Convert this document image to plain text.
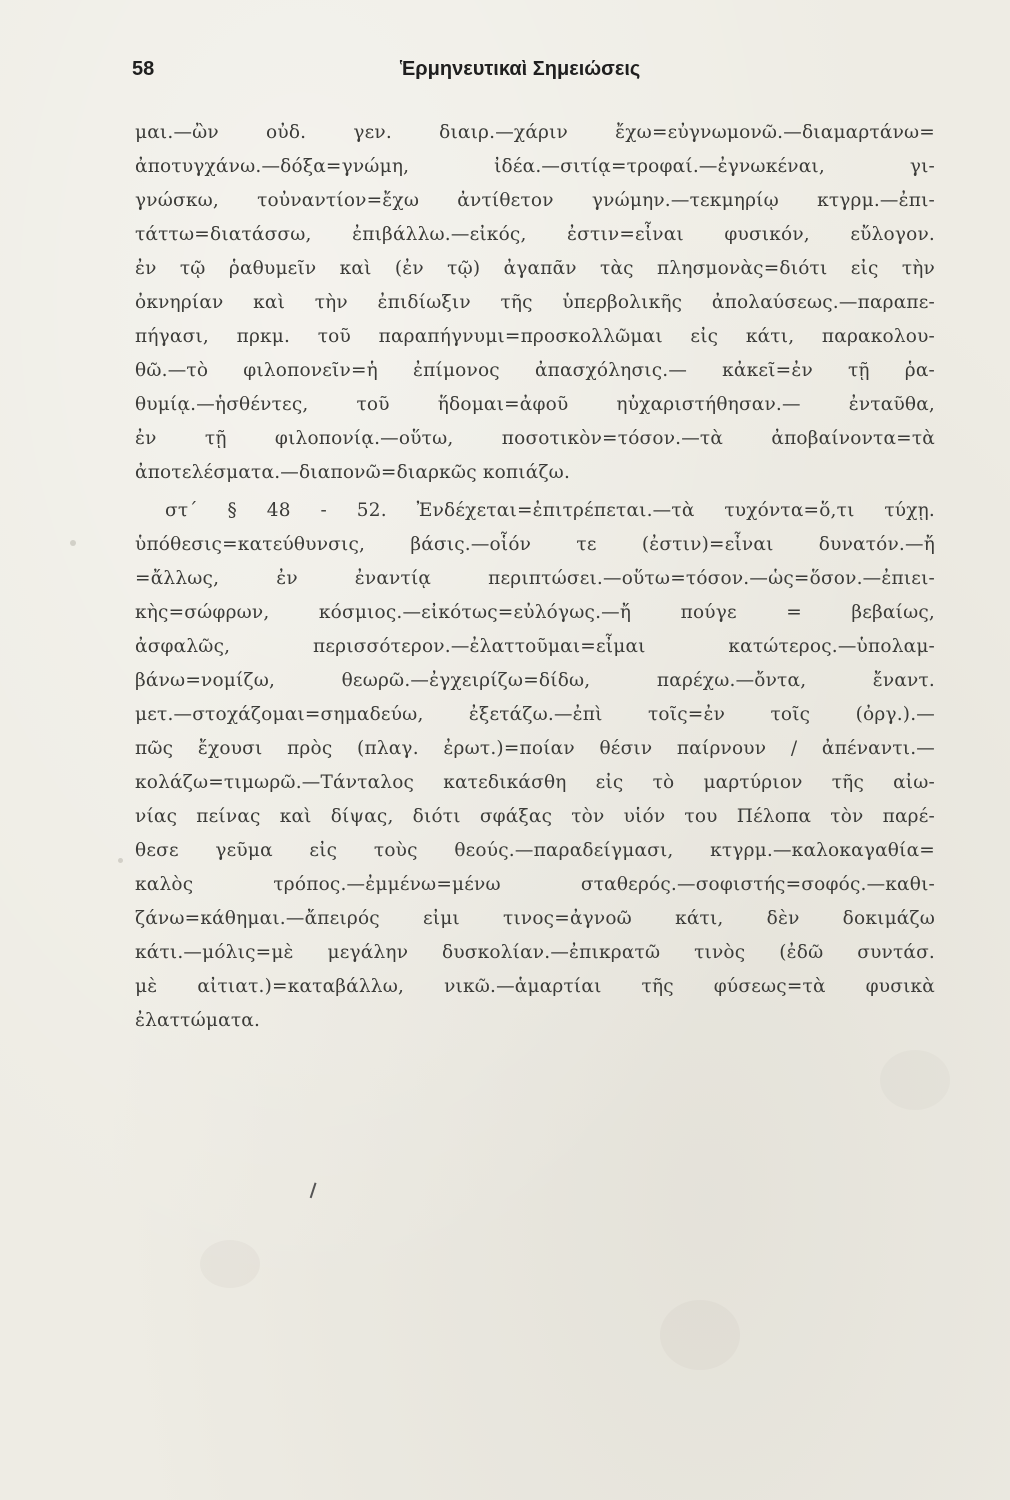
58	Ἑρμηνευτικαὶ Σημειώσεις
μαι.—ὢν οὐδ. γεν. διαιρ.—χάριν ἔχω=εὐγνωμονῶ.—διαμαρτάνω=
ἀποτυγχάνω.—δόξα=γνώμη, ἰδέα.—σιτίᾳ=τροφαί.—ἐγνωκέναι, γι-
γνώσκω, τοὐναντίον=ἔχω ἀντίθετον γνώμην.—τεκμηρίῳ κτγρμ.—ἐπι-
τάττω=διατάσσω, ἐπιβάλλω.—εἰκός, ἐστιν=εἶναι φυσικόν, εὔλογον.
ἐν τῷ ῥαθυμεῖν καὶ (ἐν τῷ) ἀγαπᾶν τὰς πλησμονὰς=διότι εἰς τὴν
ὀκνηρίαν καὶ τὴν ἐπιδίωξιν τῆς ὑπερβολικῆς ἀπολαύσεως.—παραπε-
πήγασι, πρκμ. τοῦ παραπήγνυμι=προσκολλῶμαι εἰς κάτι, παρακολου-
θῶ.—τὸ φιλοπονεῖν=ἡ ἐπίμονος ἀπασχόλησις.— κἀκεῖ=ἐν τῇ ῥα-
θυμίᾳ.—ἡσθέντες, τοῦ ἥδομαι=ἀφοῦ ηὐχαριστήθησαν.— ἐνταῦθα,
ἐν τῇ φιλοπονίᾳ.—οὕτω, ποσοτικὸν=τόσον.—τὰ ἀποβαίνοντα=τὰ
ἀποτελέσματα.—διαπονῶ=διαρκῶς κοπιάζω.
στ´ § 48 - 52. Ἐνδέχεται=ἐπιτρέπεται.—τὰ τυχόντα=ὅ,τι τύχῃ.
ὑπόθεσις=κατεύθυνσις, βάσις.—οἷόν τε (ἐστιν)=εἶναι δυνατόν.—ἤ
=ἄλλως, ἐν ἐναντίᾳ περιπτώσει.—οὕτω=τόσον.—ὡς=ὅσον.—ἐπιει-
κὴς=σώφρων, κόσμιος.—εἰκότως=εὐλόγως.—ἤ πούγε = βεβαίως,
ἀσφαλῶς, περισσότερον.—ἐλαττοῦμαι=εἶμαι κατώτερος.—ὑπολαμ-
βάνω=νομίζω, θεωρῶ.—ἐγχειρίζω=δίδω, παρέχω.—ὄντα, ἔναντ.
μετ.—στοχάζομαι=σημαδεύω, ἐξετάζω.—ἐπὶ τοῖς=ἐν τοῖς (ὀργ.).—
πῶς ἔχουσι πρὸς (πλαγ. ἐρωτ.)=ποίαν θέσιν παίρνουν / ἀπέναντι.—
κολάζω=τιμωρῶ.—Τάνταλος κατεδικάσθη εἰς τὸ μαρτύριον τῆς αἰω-
νίας πείνας καὶ δίψας, διότι σφάξας τὸν υἱόν του Πέλοπα τὸν παρέ-
θεσε γεῦμα εἰς τοὺς θεούς.—παραδείγμασι, κτγρμ.—καλοκαγαθία=
καλὸς τρόπος.—ἐμμένω=μένω σταθερός.—σοφιστής=σοφός.—καθι-
ζάνω=κάθημαι.—ἄπειρός εἰμι τινος=ἀγνοῶ κάτι, δὲν δοκιμάζω
κάτι.—μόλις=μὲ μεγάλην δυσκολίαν.—ἐπικρατῶ τινὸς (ἐδῶ συντάσ.
μὲ αἰτιατ.)=καταβάλλω, νικῶ.—ἁμαρτίαι τῆς φύσεως=τὰ φυσικὰ
ἐλαττώματα.
